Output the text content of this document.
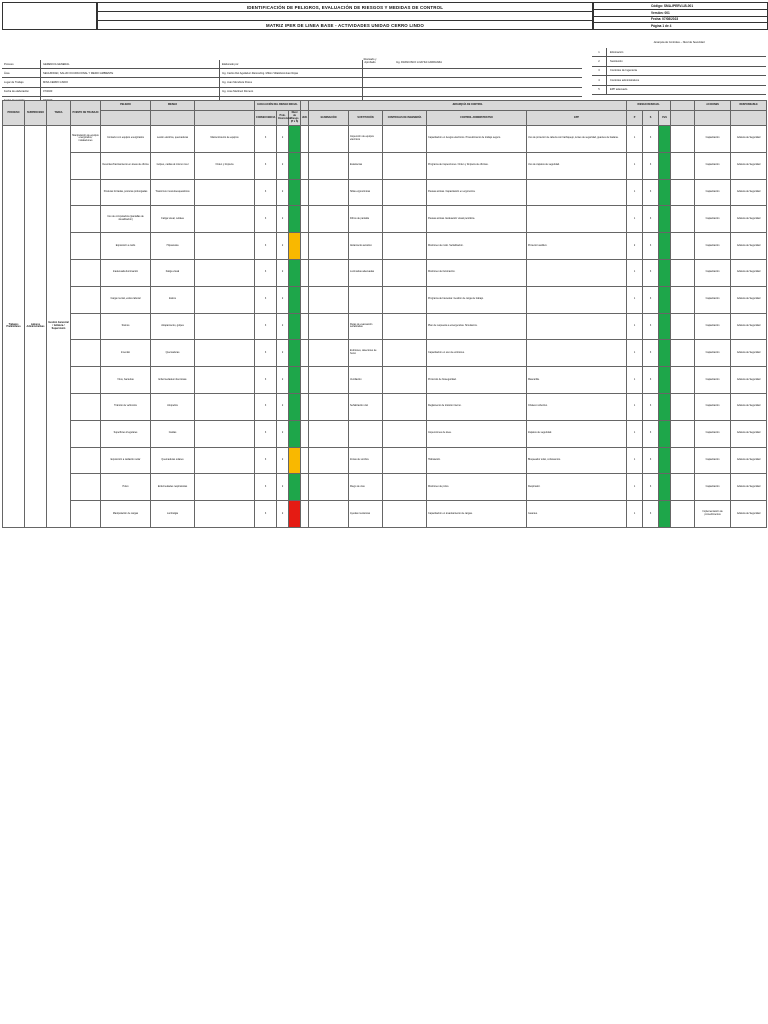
IDENTIFICACIÓN DE PELIGROS, EVALUACIÓN DE RIESGOS Y MEDIDAS DE CONTROL
MATRIZ IPER DE LINEA BASE - ACTIVIDADES UNIDAD CERRO LINDO
Código: SMA-IPERV-LB-001
Versión: 001
Fecha: 07/08/2023
Página 1 de 4
Proceso	GERENCIA GENERAL	Elaborado por:
Área	SEGURIDAD, SALUD OCUPACIONAL Y MEDIO AMBIENTE	Ing. Carlos Del Aguila/Lic.Ramos/Ing. Milton Villalobos/Juan Rojas
Lugar de Trabajo	MINA CERRO LINDO	Ing. Juan Mendoza Flores
Fecha de elaboración	07/2023	Ing. Jose Martinez Romero
Revisado y Aprobado	Ing. FRANCISCO LOAYZA CARRANZA
Jerarquía de Controles – Nivel de Severidad
1	Eliminación
2	Sustitución
3	Controles de Ingeniería
4	Controles administrativos
5	EPP adecuado
PROCESO	SUBPROCESO	TAREA	PUESTO DE TRABAJO	PELIGRO	RIESGO		EVALUACIÓN DEL RIESGO INICIAL				JERARQUÍA DE CONTROL					RIESGO RESIDUAL				ACCIONES	RESPONSABLE
							CONSECUENCIA	Prob. Ocurrencia	Nivel de Riesgo (P x S)	JER.	ELIMINACIÓN	SUSTITUCIÓN	CONTROLES DE INGENIERÍA	CONTROL ADMINISTRATIVO	EPP	P	S	PxS			
Trabajos Preliminares	Labores Administrativas	Gestión Gerencial / Jefatura / Supervisión	Manipulación de equipos energizados, instalaciones	Contacto con equipos energizados	Lesión eléctrica, quemaduras	Mantenimiento de equipos	3	2				Inspección de equipos eléctricos		Capacitación en riesgos eléctricos. Procedimiento de trabajo seguro.	Uso de protector de cabeza con barbiquejo, lentes de seguridad, guantes de badana.	1	3			Capacitación	Jefatura de Seguridad
				Desorden/hacinamiento en áreas de oficina	Golpes, caídas al mismo nivel	Orden y limpieza	3	2				Estanterías		Programa de inspecciones. Orden y limpieza de oficinas.	Uso de zapatos de seguridad.	1	3			Capacitación	Jefatura de Seguridad
				Posturas forzadas, posturas prolongadas	Trastornos musculoesqueléticos		3	2				Sillas ergonómicas		Pausas activas. Capacitación en ergonomía.		1	3			Capacitación	Jefatura de Seguridad
				Uso de computadora (pantallas de visualización)	Fatiga visual, cefalea		3	2				Filtros de pantalla		Pausas activas. Evaluación visual periódica.		1	3			Capacitación	Jefatura de Seguridad
				Exposición a ruido	Hipoacusia		3	2				Aislamiento acústico		Monitoreo de ruido. Señalización.	Protector auditivo.	2	3			Capacitación	Jefatura de Seguridad
				Inadecuada iluminación	Fatiga visual		3	2				Luminarias adecuadas		Monitoreo de iluminación.		1	3			Capacitación	Jefatura de Seguridad
				Carga mental, estrés laboral	Estrés		3	2						Programa de bienestar. Gestión de carga de trabajo.		1	3			Capacitación	Jefatura de Seguridad
				Sismos	Atrapamiento, golpes		3	2				Rutas de evacuación señalizadas		Plan de respuesta a emergencias. Simulacros.		1	3			Capacitación	Jefatura de Seguridad
				Incendio	Quemaduras		3	2				Extintores, detectores de humo		Capacitación en uso de extintores.		1	3			Capacitación	Jefatura de Seguridad
				Virus, bacterias	Enfermedades infecciosas		3	2				Ventilación		Protocolo de bioseguridad.	Mascarilla.	1	3			Capacitación	Jefatura de Seguridad
				Tránsito de vehículos	Atropellos		3	2				Señalización vial		Reglamento de tránsito interno.	Chaleco reflectivo.	1	3			Capacitación	Jefatura de Seguridad
				Superficies irregulares	Caídas		3	2						Inspecciones de área.	Zapatos de seguridad.	1	3			Capacitación	Jefatura de Seguridad
				Exposición a radiación solar	Quemaduras solares		3	2				Zonas de sombra		Hidratación.	Bloqueador solar, cortavientos.	1	3			Capacitación	Jefatura de Seguridad
				Polvo	Enfermedades respiratorias		3	2				Riego de vías		Monitoreo de polvo.	Respirador.	1	3			Capacitación	Jefatura de Seguridad
				Manipulación de cargas	Lumbalgia		3	2				Ayudas mecánicas		Capacitación en levantamiento de cargas.	Guantes.	1	3			Implementación de procedimientos	Jefatura de Seguridad
